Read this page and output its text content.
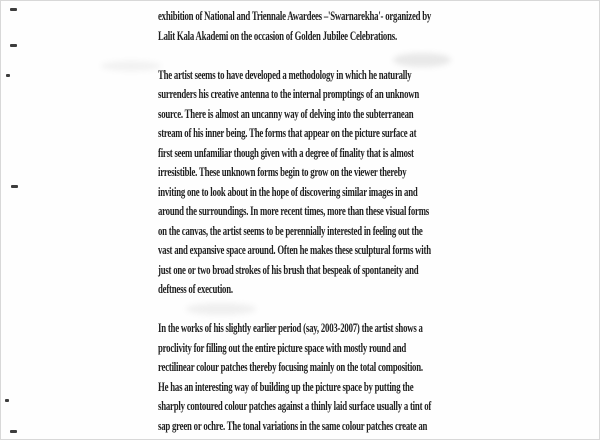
exhibition of National and Triennale Awardees –'Swarnarekha'- organized by
Lalit Kala Akademi on the occasion of Golden Jubilee Celebrations.
The artist seems to have developed a methodology in which he naturally
surrenders his creative antenna to the internal promptings of an unknown
source. There is almost an uncanny way of delving into the subterranean
stream of his inner being. The forms that appear on the picture surface at
first seem unfamiliar though given with a degree of finality that is almost
irresistible. These unknown forms begin to grow on the viewer thereby
inviting one to look about in the hope of discovering similar images in and
around the surroundings. In more recent times, more than these visual forms
on the canvas, the artist seems to be perennially interested in feeling out the
vast and expansive space around. Often he makes these sculptural forms with
just one or two broad strokes of his brush that bespeak of spontaneity and
deftness of execution.
In the works of his slightly earlier period (say, 2003-2007) the artist shows a
proclivity for filling out the entire picture space with mostly round and
rectilinear colour patches thereby focusing mainly on the total composition.
He has an interesting way of building up the picture space by putting the
sharply contoured colour patches against a thinly laid surface usually a tint of
sap green or ochre. The tonal variations in the same colour patches create an
